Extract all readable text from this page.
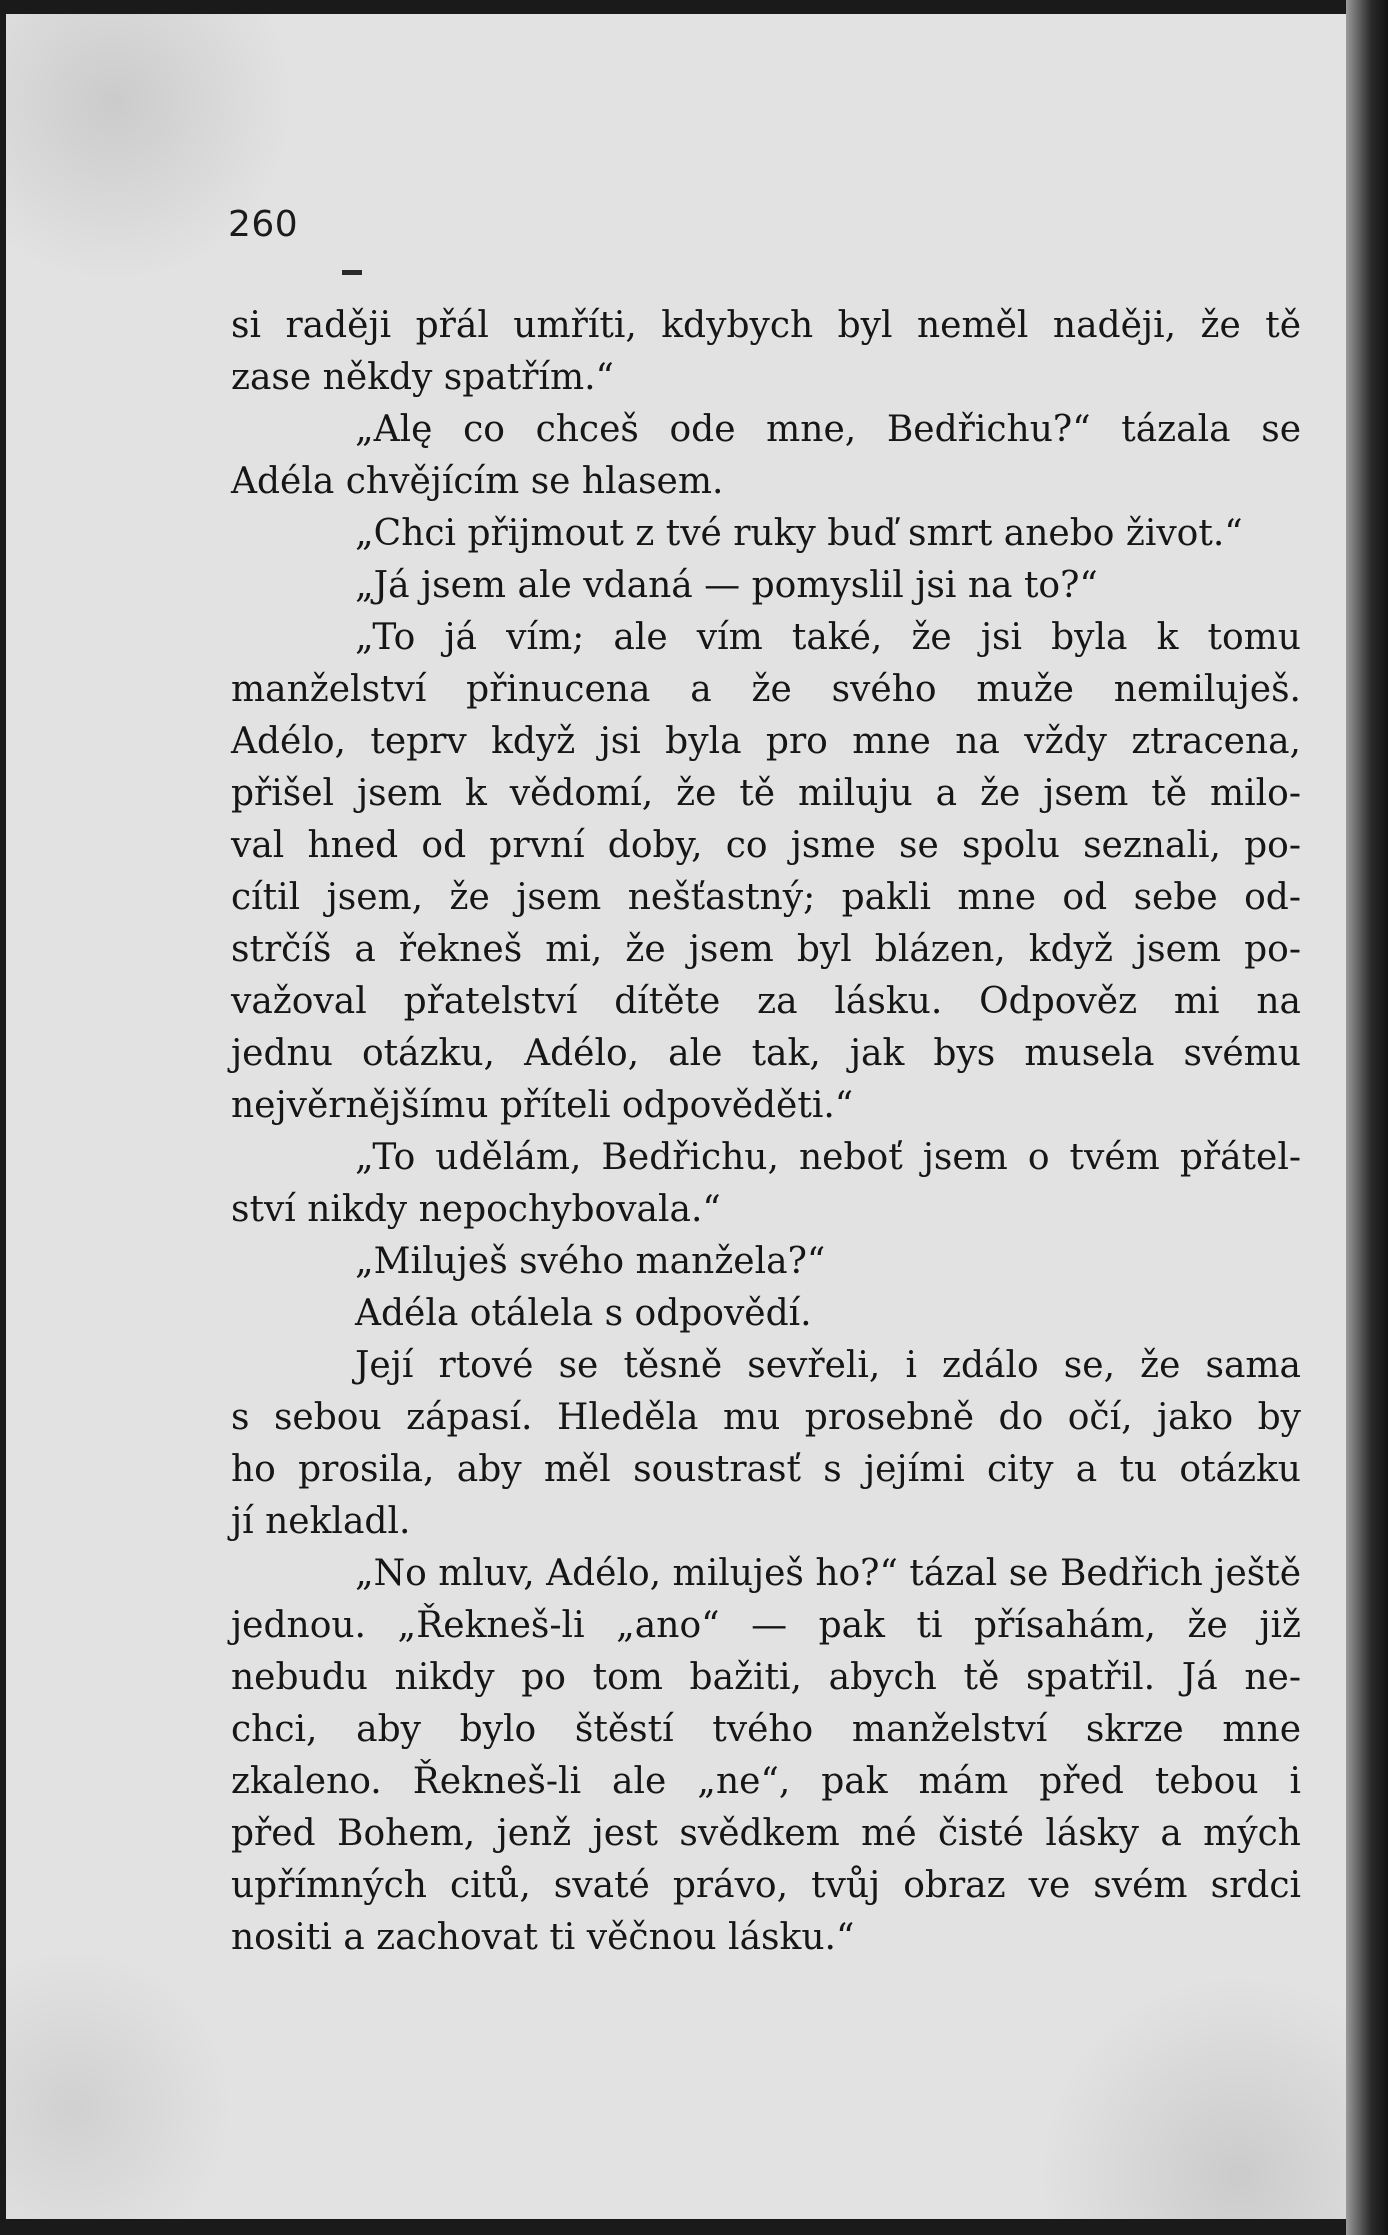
260
si raději přál umříti, kdybych byl neměl naději, že tě
zase někdy spatřím.“
„Alę co chceš ode mne, Bedřichu?“ tázala se
Adéla chvějícím se hlasem.
„Chci přijmout z tvé ruky buď smrt anebo život.“
„Já jsem ale vdaná — pomyslil jsi na to?“
„To já vím; ale vím také, že jsi byla k tomu
manželství přinucena a že svého muže nemiluješ.
Adélo, teprv když jsi byla pro mne na vždy ztracena,
přišel jsem k vědomí, že tě miluju a že jsem tě milo-
val hned od první doby, co jsme se spolu seznali, po-
cítil jsem, že jsem nešťastný; pakli mne od sebe od-
strčíš a řekneš mi, že jsem byl blázen, když jsem po-
važoval přatelství dítěte za lásku. Odpověz mi na
jednu otázku, Adélo, ale tak, jak bys musela svému
nejvěrnějšímu příteli odpověděti.“
„To udělám, Bedřichu, neboť jsem o tvém přátel-
ství nikdy nepochybovala.“
„Miluješ svého manžela?“
Adéla otálela s odpovědí.
Její rtové se těsně sevřeli, i zdálo se, že sama
s sebou zápasí. Hleděla mu prosebně do očí, jako by
ho prosila, aby měl soustrasť s jejími city a tu otázku
jí nekladl.
„No mluv, Adélo, miluješ ho?“ tázal se Bedřich ještě
jednou. „Řekneš-li „ano“ — pak ti přísahám, že již
nebudu nikdy po tom bažiti, abych tě spatřil. Já ne-
chci, aby bylo štěstí tvého manželství skrze mne
zkaleno. Řekneš-li ale „ne“, pak mám před tebou i
před Bohem, jenž jest svědkem mé čisté lásky a mých
upřímných citů, svaté právo, tvůj obraz ve svém srdci
nositi a zachovat ti věčnou lásku.“
